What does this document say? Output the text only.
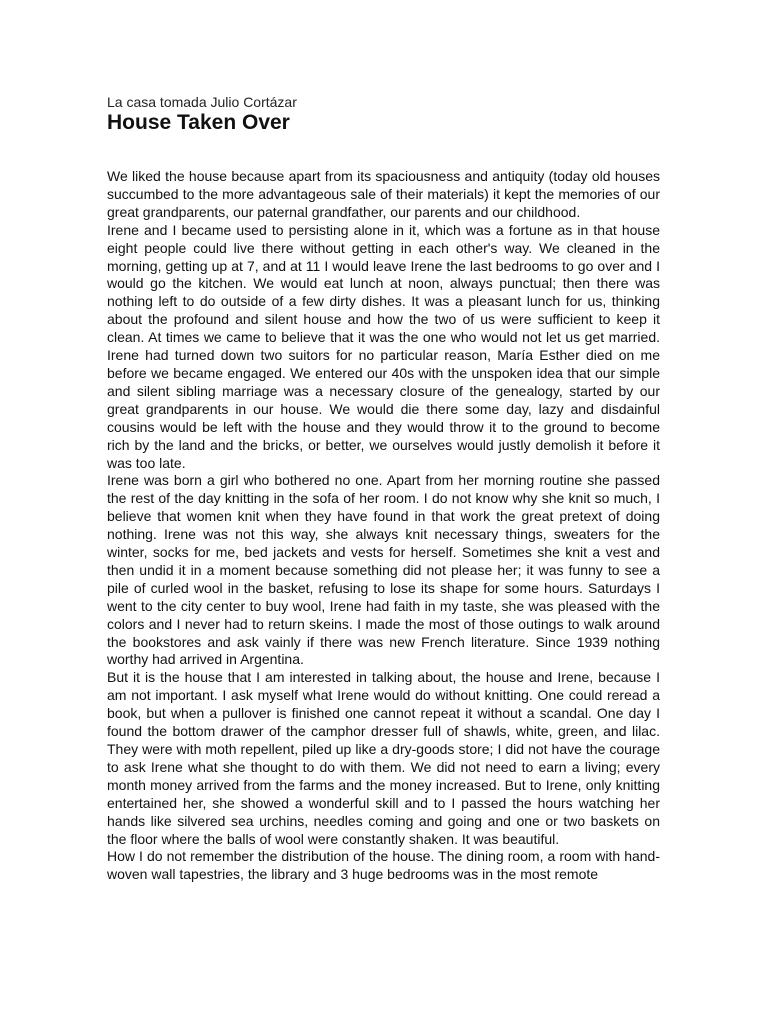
La casa tomada Julio Cortázar

House Taken Over

We liked the house because apart from its spaciousness and antiquity (today old houses succumbed to the more advantageous sale of their materials) it kept the memories of our great grandparents, our paternal grandfather, our parents and our childhood.

Irene and I became used to persisting alone in it, which was a fortune as in that house eight people could live there without getting in each other's way. We cleaned in the morning, getting up at 7, and at 11 I would leave Irene the last bedrooms to go over and I would go the kitchen. We would eat lunch at noon, always punctual; then there was nothing left to do outside of a few dirty dishes. It was a pleasant lunch for us, thinking about the profound and silent house and how the two of us were sufficient to keep it clean. At times we came to believe that it was the one who would not let us get married. Irene had turned down two suitors for no particular reason, María Esther died on me before we became engaged. We entered our 40s with the unspoken idea that our simple and silent sibling marriage was a necessary closure of the genealogy, started by our great grandparents in our house. We would die there some day, lazy and disdainful cousins would be left with the house and they would throw it to the ground to become rich by the land and the bricks, or better, we ourselves would justly demolish it before it was too late.

Irene was born a girl who bothered no one. Apart from her morning routine she passed the rest of the day knitting in the sofa of her room. I do not know why she knit so much, I believe that women knit when they have found in that work the great pretext of doing nothing. Irene was not this way, she always knit necessary things, sweaters for the winter, socks for me, bed jackets and vests for herself. Sometimes she knit a vest and then undid it in a moment because something did not please her; it was funny to see a pile of curled wool in the basket, refusing to lose its shape for some hours. Saturdays I went to the city center to buy wool, Irene had faith in my taste, she was pleased with the colors and I never had to return skeins. I made the most of those outings to walk around the bookstores and ask vainly if there was new French literature. Since 1939 nothing worthy had arrived in Argentina.

But it is the house that I am interested in talking about, the house and Irene, because I am not important. I ask myself what Irene would do without knitting. One could reread a book, but when a pullover is finished one cannot repeat it without a scandal. One day I found the bottom drawer of the camphor dresser full of shawls, white, green, and lilac. They were with moth repellent, piled up like a dry-goods store; I did not have the courage to ask Irene what she thought to do with them. We did not need to earn a living; every month money arrived from the farms and the money increased. But to Irene, only knitting entertained her, she showed a wonderful skill and to I passed the hours watching her hands like silvered sea urchins, needles coming and going and one or two baskets on the floor where the balls of wool were constantly shaken. It was beautiful.

How I do not remember the distribution of the house. The dining room, a room with hand-woven wall tapestries, the library and 3 huge bedrooms was in the most remote
